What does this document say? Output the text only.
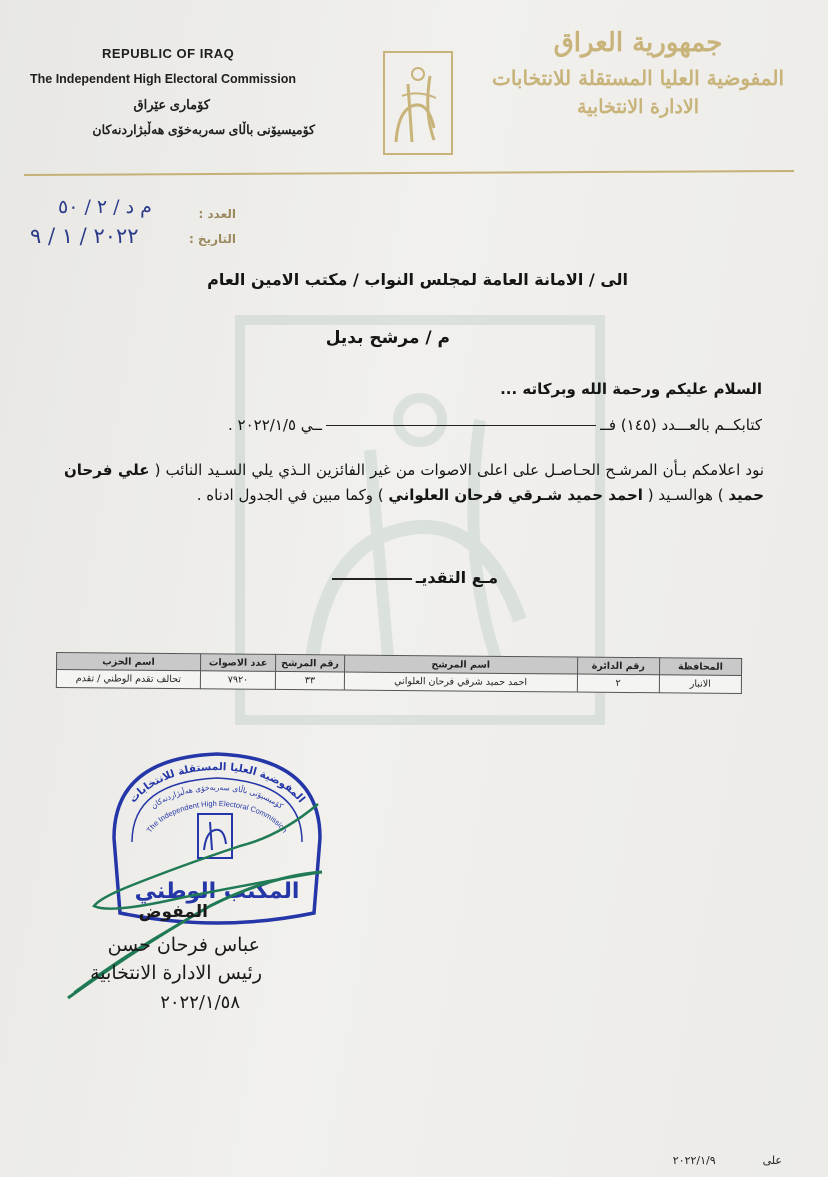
REPUBLIC OF IRAQ
The Independent High Electoral Commission
كۆماری عێراق
کۆمیسیۆنی باڵای سەربەخۆی هەڵبژاردنەکان
جمهورية العراق
المفوضية العليا المستقلة للانتخابات
الادارة الانتخابية
العدد :
م د / ٢ / ٥٠
التاريخ :
٢٠٢٢ / ١ / ٩
الى / الامانة العامة لمجلس النواب / مكتب الامين العام
م / مرشح بديل
السلام عليكم ورحمة الله وبركاته ...
كتابكــم بالعـــدد (١٤٥) فــــي ٢٠٢٢/١/٥ .
نود اعلامكم بـأن المرشـح الحـاصـل على اعلى الاصوات من غير الفائزين الـذي يلي السـيد النائب ( علي فرحان حميد ) هوالسـيد ( احمد حميد شـرقي فرحان العلواني ) وكما مبين في الجدول ادناه .
مـع التقديـ
المحافظة	رقم الدائرة	اسم المرشح	رقم المرشح	عدد الاصوات	اسم الحزب
الانبار	٢	احمد حميد شرقي فرحان العلواني	٣٣	٧٩٢٠	تحالف تقدم الوطني / تقدم
المفوضية العليا المستقلة للانتخابات
کۆمیسیۆنی باڵای سەربەخۆی هەڵبژاردنەکان
The Independent High Electoral Commission
المكتب الوطني
المفوض
عباس فرحان حسن
رئيس الادارة الانتخابية
٢٠٢٢/١/٥٨
على  ٢٠٢٢/١/٩
